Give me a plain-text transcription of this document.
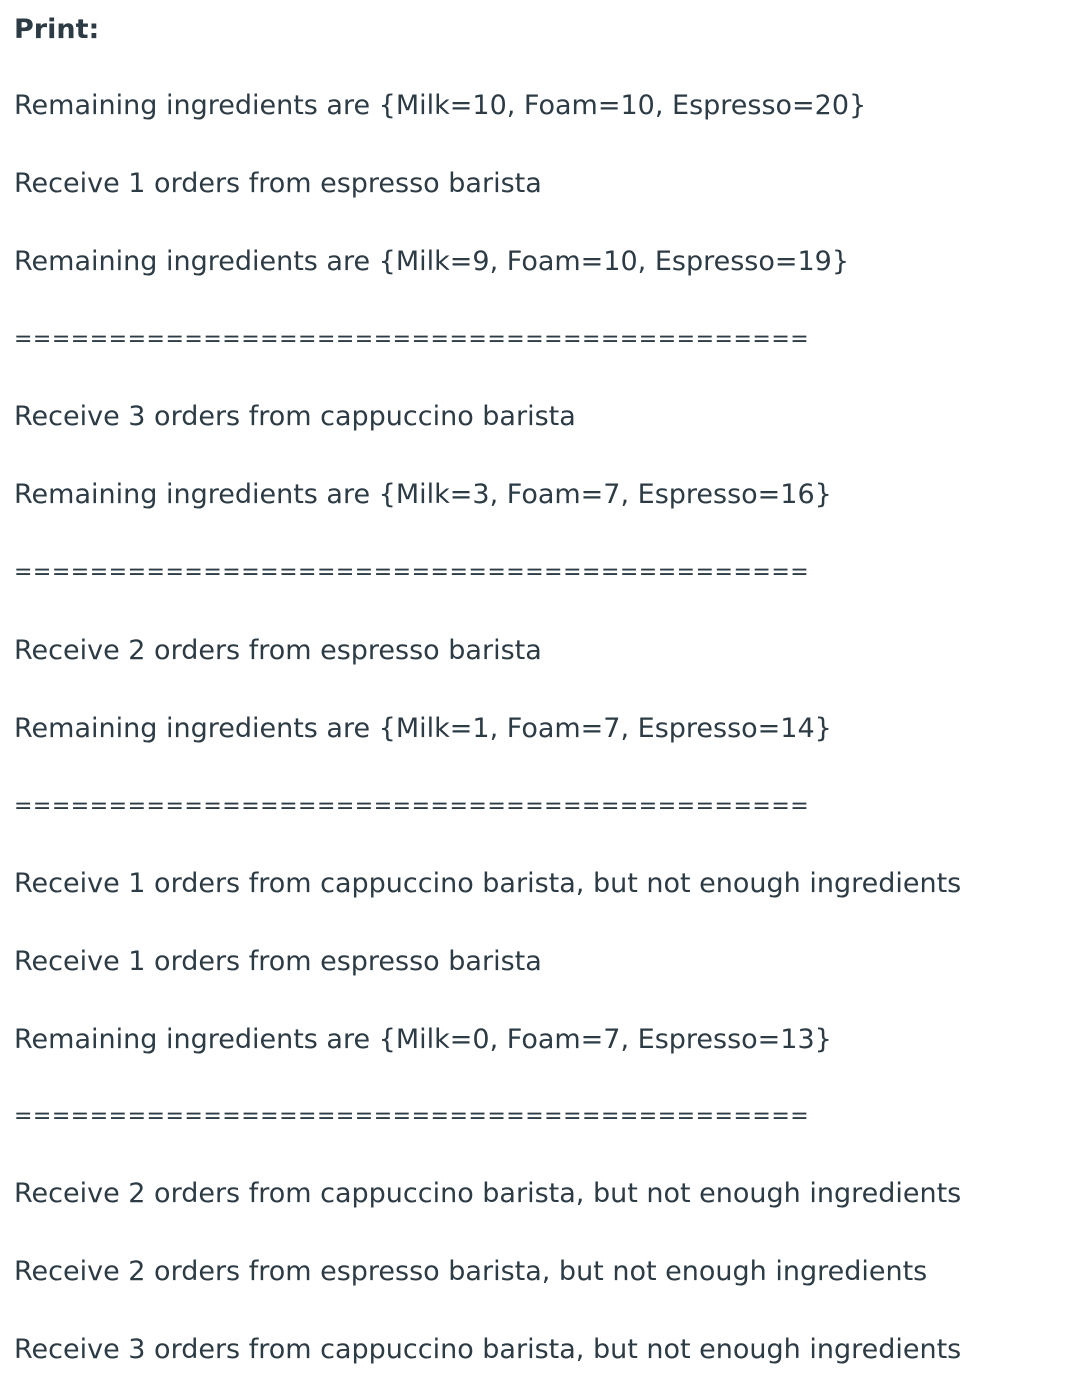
Print:
Remaining ingredients are {Milk=10, Foam=10, Espresso=20}
Receive 1 orders from espresso barista
Remaining ingredients are {Milk=9, Foam=10, Espresso=19}
==========================================
Receive 3 orders from cappuccino barista
Remaining ingredients are {Milk=3, Foam=7, Espresso=16}
==========================================
Receive 2 orders from espresso barista
Remaining ingredients are {Milk=1, Foam=7, Espresso=14}
==========================================
Receive 1 orders from cappuccino barista, but not enough ingredients
Receive 1 orders from espresso barista
Remaining ingredients are {Milk=0, Foam=7, Espresso=13}
==========================================
Receive 2 orders from cappuccino barista, but not enough ingredients
Receive 2 orders from espresso barista, but not enough ingredients
Receive 3 orders from cappuccino barista, but not enough ingredients
